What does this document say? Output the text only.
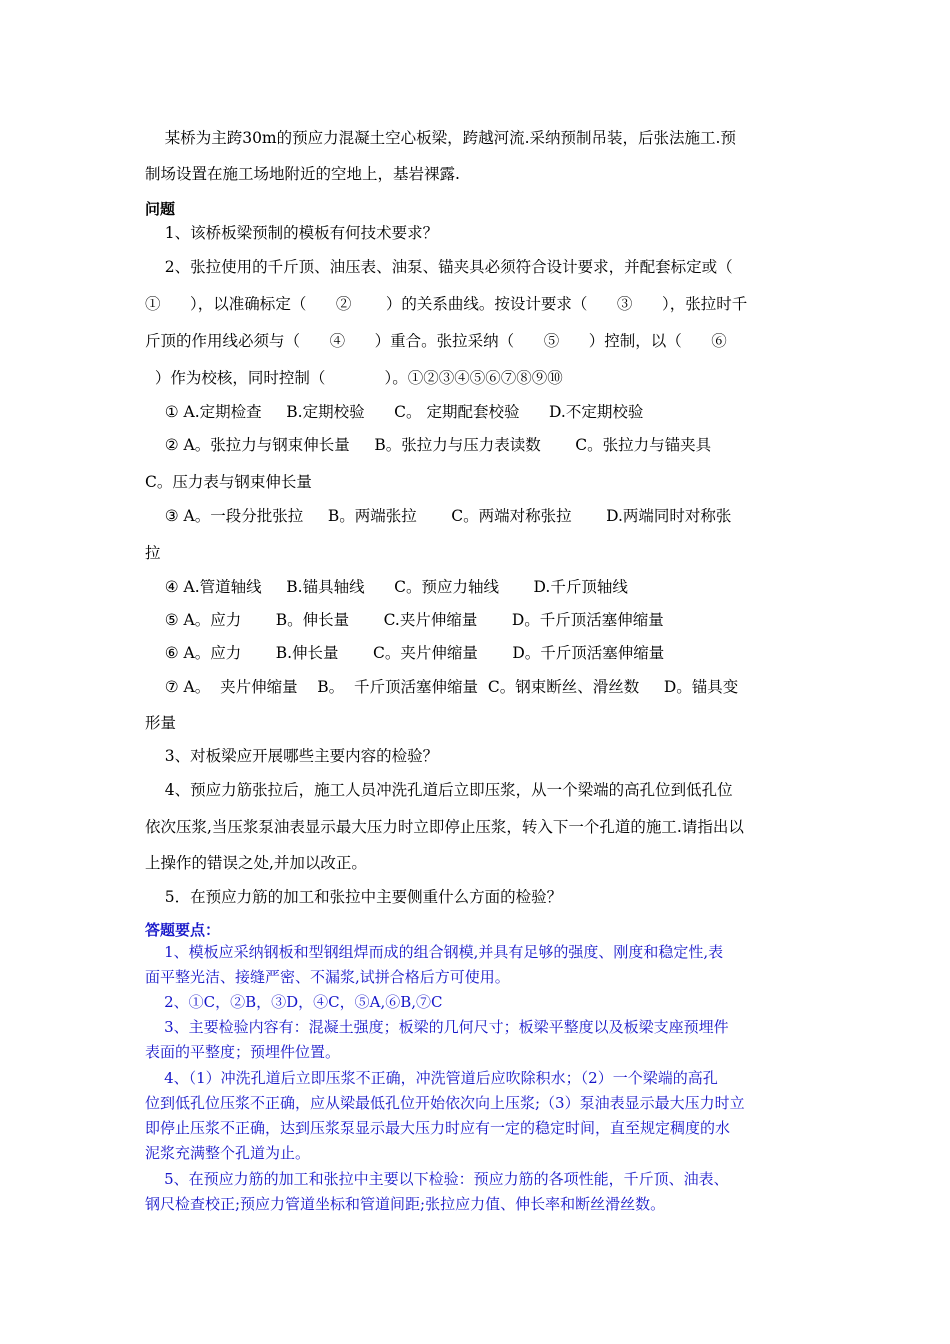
某桥为主跨30m的预应力混凝土空心板梁，跨越河流.采纳预制吊装，后张法施工.预
制场设置在施工场地附近的空地上，基岩裸露.
问题
1、该桥板梁预制的模板有何技术要求？
2、张拉使用的千斤顶、油压表、油泵、锚夹具必须符合设计要求，并配套标定或（
①      ），以准确标定（      ②       ）的关系曲线。按设计要求（      ③      ），张拉时千
斤顶的作用线必须与（      ④      ）重合。张拉采纳（      ⑤      ）控制，以（      ⑥
）作为校核，同时控制（            ）。①②③④⑤⑥⑦⑧⑨⑩
① A.定期检查     B.定期校验      C。 定期配套校验      D.不定期校验
② A。张拉力与钢束伸长量     B。张拉力与压力表读数       C。张拉力与锚夹具
C。压力表与钢束伸长量
③ A。一段分批张拉     B。两端张拉       C。两端对称张拉       D.两端同时对称张
拉
④ A.管道轴线     B.锚具轴线      C。预应力轴线       D.千斤顶轴线
⑤ A。应力       B。伸长量       C.夹片伸缩量       D。千斤顶活塞伸缩量
⑥ A。应力       B.伸长量       C。夹片伸缩量       D。千斤顶活塞伸缩量
⑦ A。  夹片伸缩量    B。  千斤顶活塞伸缩量  C。钢束断丝、滑丝数     D。锚具变
形量
3、对板梁应开展哪些主要内容的检验？
4、预应力筋张拉后，施工人员冲洗孔道后立即压浆，从一个梁端的高孔位到低孔位
依次压浆,当压浆泵油表显示最大压力时立即停止压浆，转入下一个孔道的施工.请指出以
上操作的错误之处,并加以改正。
5．在预应力筋的加工和张拉中主要侧重什么方面的检验？
答题要点：
1、模板应采纳钢板和型钢组焊而成的组合钢模,并具有足够的强度、刚度和稳定性,表
面平整光洁、接缝严密、不漏浆,试拼合格后方可使用。
2、①C，②B，③D，④C，⑤A,⑥B,⑦C
3、主要检验内容有：混凝土强度；板梁的几何尺寸；板梁平整度以及板梁支座预埋件
表面的平整度；预埋件位置。
4、（1）冲洗孔道后立即压浆不正确，冲洗管道后应吹除积水；（2）一个梁端的高孔
位到低孔位压浆不正确，应从梁最低孔位开始依次向上压浆;（3）泵油表显示最大压力时立
即停止压浆不正确，达到压浆泵显示最大压力时应有一定的稳定时间，直至规定稠度的水
泥浆充满整个孔道为止。
5、在预应力筋的加工和张拉中主要以下检验：预应力筋的各项性能，千斤顶、油表、
钢尺检查校正;预应力管道坐标和管道间距;张拉应力值、伸长率和断丝滑丝数。
